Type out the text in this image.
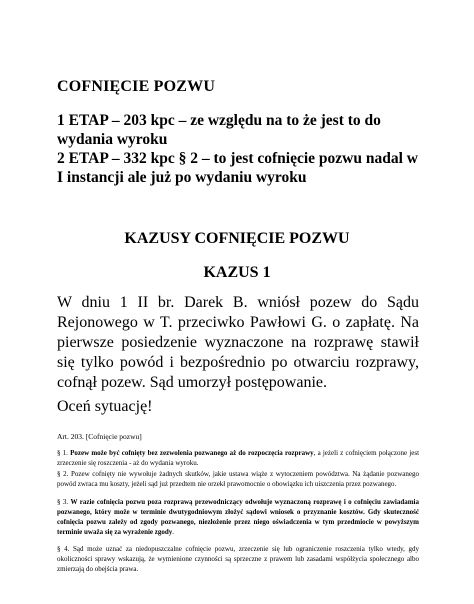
COFNIĘCIE POZWU
1 ETAP – 203 kpc – ze względu na to że jest to do wydania wyroku
2 ETAP – 332 kpc § 2 – to jest cofnięcie pozwu nadal w I instancji ale już po wydaniu wyroku
KAZUSY COFNIĘCIE POZWU
KAZUS 1
W dniu 1 II br. Darek B. wniósł pozew do Sądu Rejonowego w T. przeciwko Pawłowi G. o zapłatę. Na pierwsze posiedzenie wyznaczone na rozprawę stawił się tylko powód i bezpośrednio po otwarciu rozprawy, cofnął pozew. Sąd umorzył postępowanie.
Oceń sytuację!
Art. 203. [Cofnięcie pozwu]
§ 1. Pozew może być cofnięty bez zezwolenia pozwanego aż do rozpoczęcia rozprawy, a jeżeli z cofnięciem połączone jest zrzeczenie się roszczenia - aż do wydania wyroku.
§ 2. Pozew cofnięty nie wywołuje żadnych skutków, jakie ustawa wiąże z wytoczeniem powództwa. Na żądanie pozwanego powód zwraca mu koszty, jeżeli sąd już przedtem nie orzekł prawomocnie o obowiązku ich uiszczenia przez pozwanego.
§ 3. W razie cofnięcia pozwu poza rozprawą przewodniczący odwołuje wyznaczoną rozprawę i o cofnięciu zawiadamia pozwanego, który może w terminie dwutygodniowym złożyć sądowi wniosek o przyznanie kosztów. Gdy skuteczność cofnięcia pozwu zależy od zgody pozwanego, niezłożenie przez niego oświadczenia w tym przedmiocie w powyższym terminie uważa się za wyrażenie zgody.
§ 4. Sąd może uznać za niedopuszczalne cofnięcie pozwu, zrzeczenie się lub ograniczenie roszczenia tylko wtedy, gdy okoliczności sprawy wskazują, że wymienione czynności są sprzeczne z prawem lub zasadami współżycia społecznego albo zmierzają do obejścia prawa.
